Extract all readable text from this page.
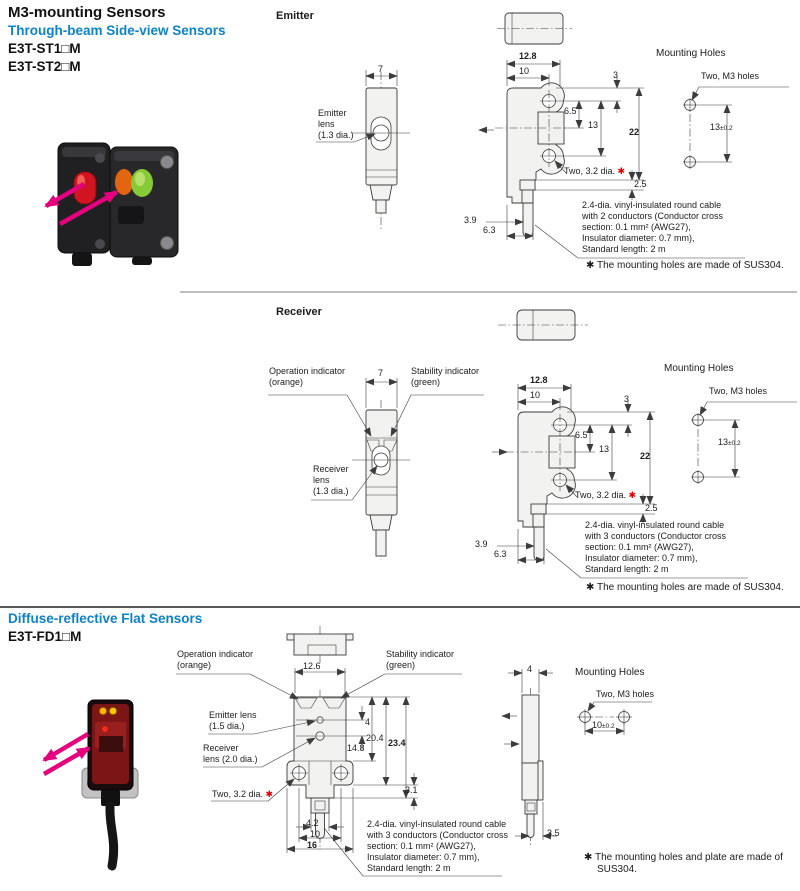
M3-mounting Sensors
Through-beam Side-view Sensors
E3T-ST1□M
E3T-ST2□M
Emitter
7
Emitter
lens
(1.3 dia.)
12.8
10	3
6.5
13
22
Two, 3.2 dia. ✱
2.5
3.9
6.3
Mounting Holes
Two, M3 holes
13±0.2
2.4-dia. vinyl-insulated round cable
with 2 conductors (Conductor cross
section: 0.1 mm² (AWG27),
Insulator diameter: 0.7 mm),
Standard length: 2 m
✱ The mounting holes are made of SUS304.
Receiver
Operation indicator
(orange)
Stability indicator
(green)
7
Receiver
lens
(1.3 dia.)
12.8
10	3
6.5
13
22
Two, 3.2 dia. ✱
2.5
3.9
6.3
Mounting Holes
Two, M3 holes
13±0.2
2.4-dia. vinyl-insulated round cable
with 3 conductors (Conductor cross
section: 0.1 mm² (AWG27),
Insulator diameter: 0.7 mm),
Standard length: 2 m
✱ The mounting holes are made of SUS304.
Diffuse-reflective Flat Sensors
E3T-FD1□M
Operation indicator
(orange)
Stability indicator
(green)
12.6
Emitter lens
(1.5 dia.)
Receiver
lens (2.0 dia.)
Two, 3.2 dia. ✱
4
20.4
14.8	23.4
3.1
4.2
10
16
4
3.5
Mounting Holes
Two, M3 holes
10±0.2
2.4-dia. vinyl-insulated round cable
with 3 conductors (Conductor cross
section: 0.1 mm² (AWG27),
Insulator diameter: 0.7 mm),
Standard length: 2 m
✱ The mounting holes and plate are made of
SUS304.
